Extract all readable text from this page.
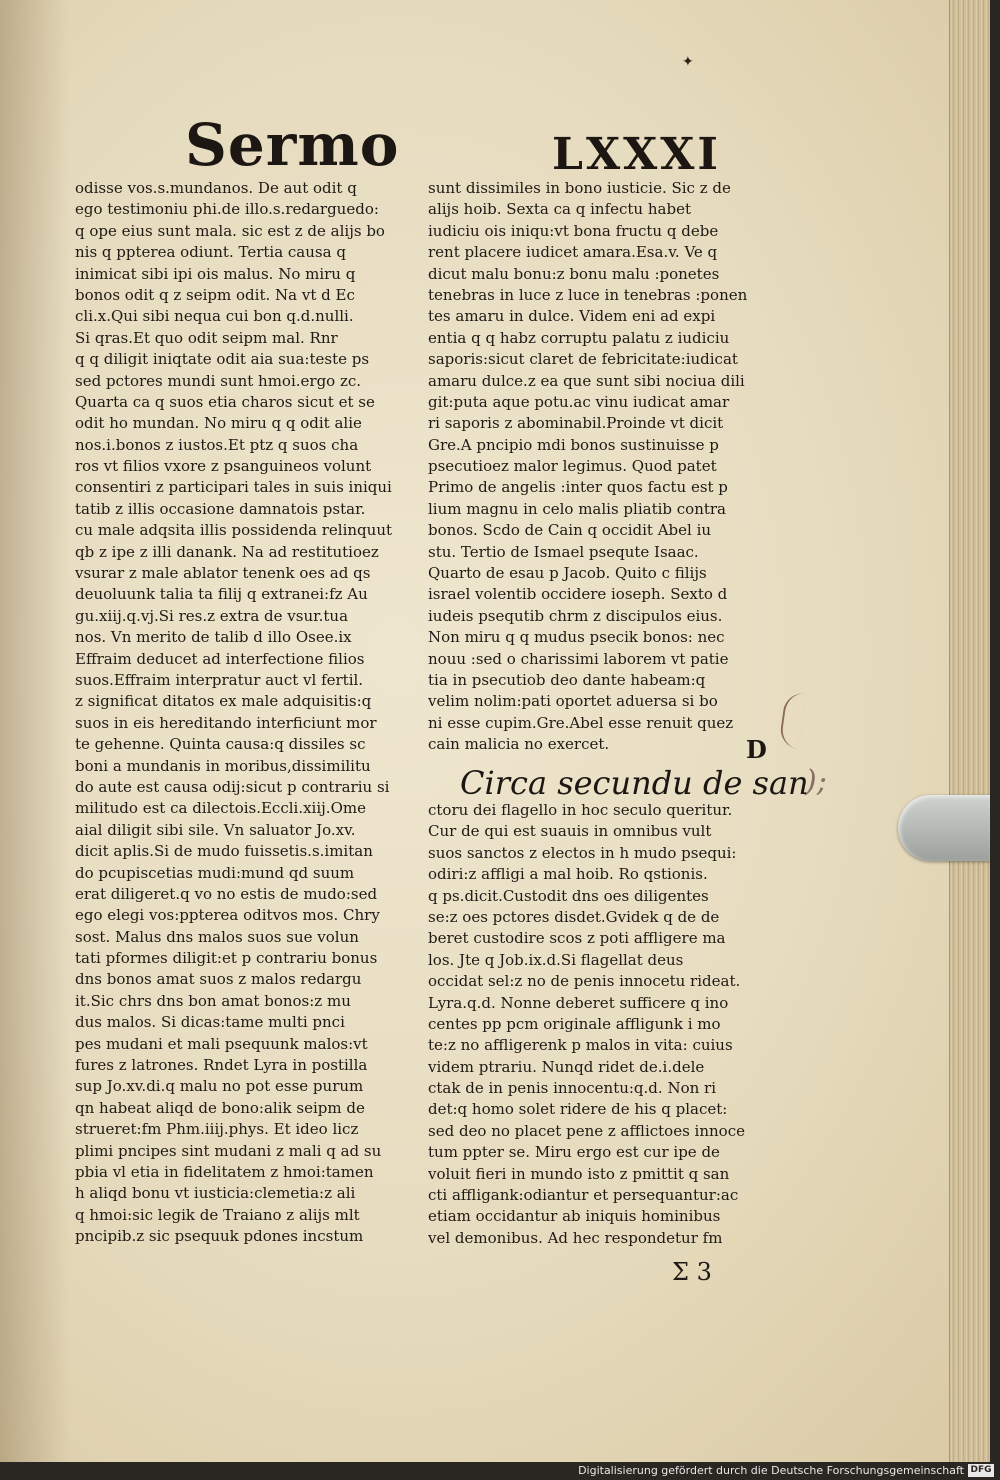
✦
Sermo	LXXXI
odisse vos.s.mundanos. De aut odit q
ego testimoniu phi.de illo.s.redarguedo:
q ope eius sunt mala. sic est z de alijs bo
nis q ppterea odiunt. Tertia causa q
inimicat sibi ipi ois malus. No miru q
bonos odit q z seipm odit. Na vt d Ec
cli.x.Qui sibi nequa cui bon q.d.nulli.
Si qras.Et quo odit seipm mal. Rnr
q q diligit iniqtate odit aia sua:teste ps
sed pctores mundi sunt hmoi.ergo zc.
Quarta ca q suos etia charos sicut et se
odit ho mundan. No miru q q odit alie
nos.i.bonos z iustos.Et ptz q suos cha
ros vt filios vxore z psanguineos volunt
consentiri z participari tales in suis iniqui
tatib z illis occasione damnatois pstar.
cu male adqsita illis possidenda relinquut
qb z ipe z illi danank. Na ad restitutioez
vsurar z male ablator tenenk oes ad qs
deuoluunk talia ta filij q extranei:fz Au
gu.xiij.q.vj.Si res.z extra de vsur.tua
nos. Vn merito de talib d illo Osee.ix
Effraim deducet ad interfectione filios
suos.Effraim interpratur auct vl fertil.
z significat ditatos ex male adquisitis:q
suos in eis hereditando interficiunt mor
te gehenne. Quinta causa:q dissiles sc
boni a mundanis in moribus,dissimilitu
do aute est causa odij:sicut p contrariu si
militudo est ca dilectois.Eccli.xiij.Ome
aial diligit sibi sile. Vn saluator Jo.xv.
dicit aplis.Si de mudo fuissetis.s.imitan
do pcupiscetias mudi:mund qd suum
erat diligeret.q vo no estis de mudo:sed
ego elegi vos:ppterea oditvos mos. Chry
sost. Malus dns malos suos sue volun
tati pformes diligit:et p contrariu bonus
dns bonos amat suos z malos redargu
it.Sic chrs dns bon amat bonos:z mu
dus malos. Si dicas:tame multi pnci
pes mudani et mali psequunk malos:vt
fures z latrones. Rndet Lyra in postilla
sup Jo.xv.di.q malu no pot esse purum
qn habeat aliqd de bono:alik seipm de
strueret:fm Phm.iiij.phys. Et ideo licz
plimi pncipes sint mudani z mali q ad su
pbia vl etia in fidelitatem z hmoi:tamen
h aliqd bonu vt iusticia:clemetia:z ali
q hmoi:sic legik de Traiano z alijs mlt
pncipib.z sic psequuk pdones incstum
sunt dissimiles in bono iusticie. Sic z de
alijs hoib. Sexta ca q infectu habet
iudiciu ois iniqu:vt bona fructu q debe
rent placere iudicet amara.Esa.v. Ve q
dicut malu bonu:z bonu malu :ponetes
tenebras in luce z luce in tenebras :ponen
tes amaru in dulce. Videm eni ad expi
entia q q habz corruptu palatu z iudiciu
saporis:sicut claret de febricitate:iudicat
amaru dulce.z ea que sunt sibi nociua dili
git:puta aque potu.ac vinu iudicat amar
ri saporis z abominabil.Proinde vt dicit
Gre.A pncipio mdi bonos sustinuisse p
psecutioez malor legimus. Quod patet
Primo de angelis :inter quos factu est p
lium magnu in celo malis pliatib contra
bonos. Scdo de Cain q occidit Abel iu
stu. Tertio de Ismael psequte Isaac.
Quarto de esau p Jacob. Quito c filijs
israel volentib occidere ioseph. Sexto d
iudeis psequtib chrm z discipulos eius.
Non miru q q mudus psecik bonos: nec
nouu :sed o charissimi laborem vt patie
tia in psecutiob deo dante habeam:q
velim nolim:pati oportet aduersa si bo
ni esse cupim.Gre.Abel esse renuit quez
cain malicia no exercet.	D
);
Circa secundu de san
ctoru dei flagello in hoc seculo queritur.
Cur de qui est suauis in omnibus vult
suos sanctos z electos in h mudo psequi:
odiri:z affligi a mal hoib. Ro qstionis.
q ps.dicit.Custodit dns oes diligentes
se:z oes pctores disdet.Gvidek q de de
beret custodire scos z poti affligere ma
los. Jte q Job.ix.d.Si flagellat deus
occidat sel:z no de penis innocetu rideat.
Lyra.q.d. Nonne deberet sufficere q ino
centes pp pcm originale affligunk i mo
te:z no affligerenk p malos in vita: cuius
videm ptrariu. Nunqd ridet de.i.dele
ctak de in penis innocentu:q.d. Non ri
det:q homo solet ridere de his q placet:
sed deo no placet pene z afflictoes innoce
tum ppter se. Miru ergo est cur ipe de
voluit fieri in mundo isto z pmittit q san
cti affligank:odiantur et persequantur:ac
etiam occidantur ab iniquis hominibus
vel demonibus. Ad hec respondetur fm
Σ 3
Digitalisierung gefördert durch die Deutsche Forschungsgemeinschaft DFG
